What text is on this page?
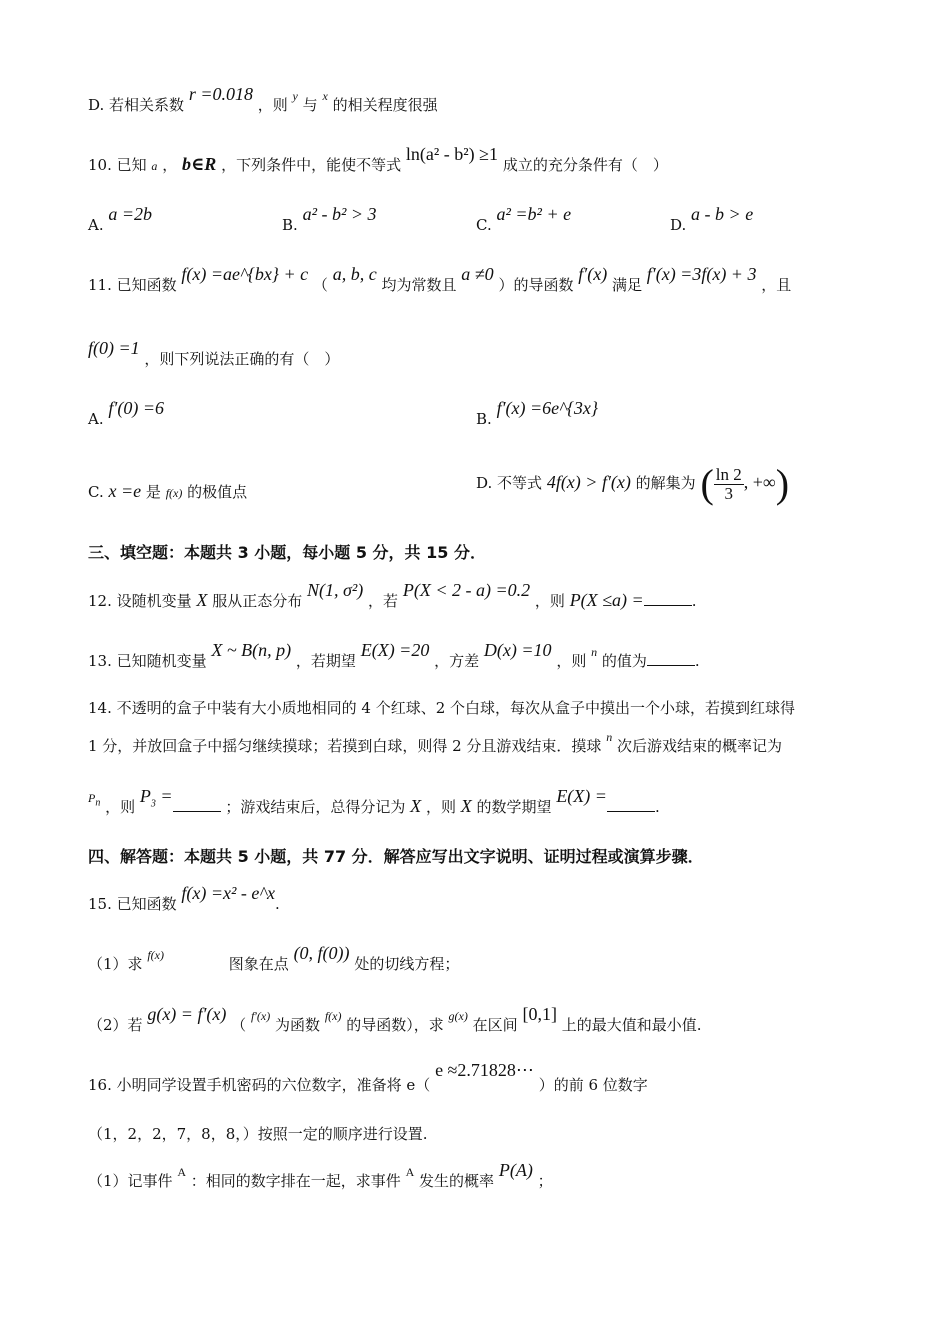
D. 若相关系数 r =0.018 ，则 $^y$ 与 $^x$ 的相关程度很强
10. 已知 a ， b∈R ，下列条件中，能使不等式 ln(a² - b²) ≥1 成立的充分条件有（　）
A. a =2b
B. a² - b² > 3
C. a² =b² + e
D. a - b > e
11. 已知函数 f(x) =ae^{bx} + c （ a, b, c 均为常数且 a ≠0 ）的导函数 f′(x) 满足 f′(x) =3f(x) + 3 ，且
f(0) =1 ，则下列说法正确的有（　）
A. f′(0) =6
B. f′(x) =6e^{3x}
C. x =e 是 f(x) 的极值点	D. 不等式 4f(x) > f′(x) 的解集为 ( $\frac{\ln 2}{3}$ , +∞)
三、填空题：本题共 3 小题，每小题 5 分，共 15 分．
12. 设随机变量 X 服从正态分布 N(1, σ²) ，若 P(X < 2 - a) =0.2 ，则 P(X ≤a) =	.
13. 已知随机变量 X ~ B(n, p) ，若期望 E(X) =20 ，方差 D(x) =10 ，则 $^n$ 的值为	.
14. 不透明的盒子中装有大小质地相同的 4 个红球、2 个白球，每次从盒子中摸出一个小球，若摸到红球得
1 分，并放回盒子中摇匀继续摸球；若摸到白球，则得 2 分且游戏结束．摸球 $^n$ 次后游戏结束的概率记为
$^{P_n}$ ，则 $P_3$ = ；游戏结束后，总得分记为 X ，则 X 的数学期望 E(X) =.
四、解答题：本题共 5 小题，共 77 分．解答应写出文字说明、证明过程或演算步骤．
15. 已知函数 f(x) =x² - e^x.
（1）求 $^{f(x)}$	图象在点 (0, f(0)) 处的切线方程；
（2）若 g(x) = f′(x) （ $^{f'(x)}$ 为函数 $^{f(x)}$ 的导函数），求 $^{g(x)}$ 在区间 [0,1] 上的最大值和最小值.
16. 小明同学设置手机密码的六位数字，准备将 e（ e ≈2.71828⋯ ）的前 6 位数字
（1，2，2，7，8，8，）按照一定的顺序进行设置.
（1）记事件 $^A$ ：相同的数字排在一起，求事件 $^A$ 发生的概率 P(A) ；
